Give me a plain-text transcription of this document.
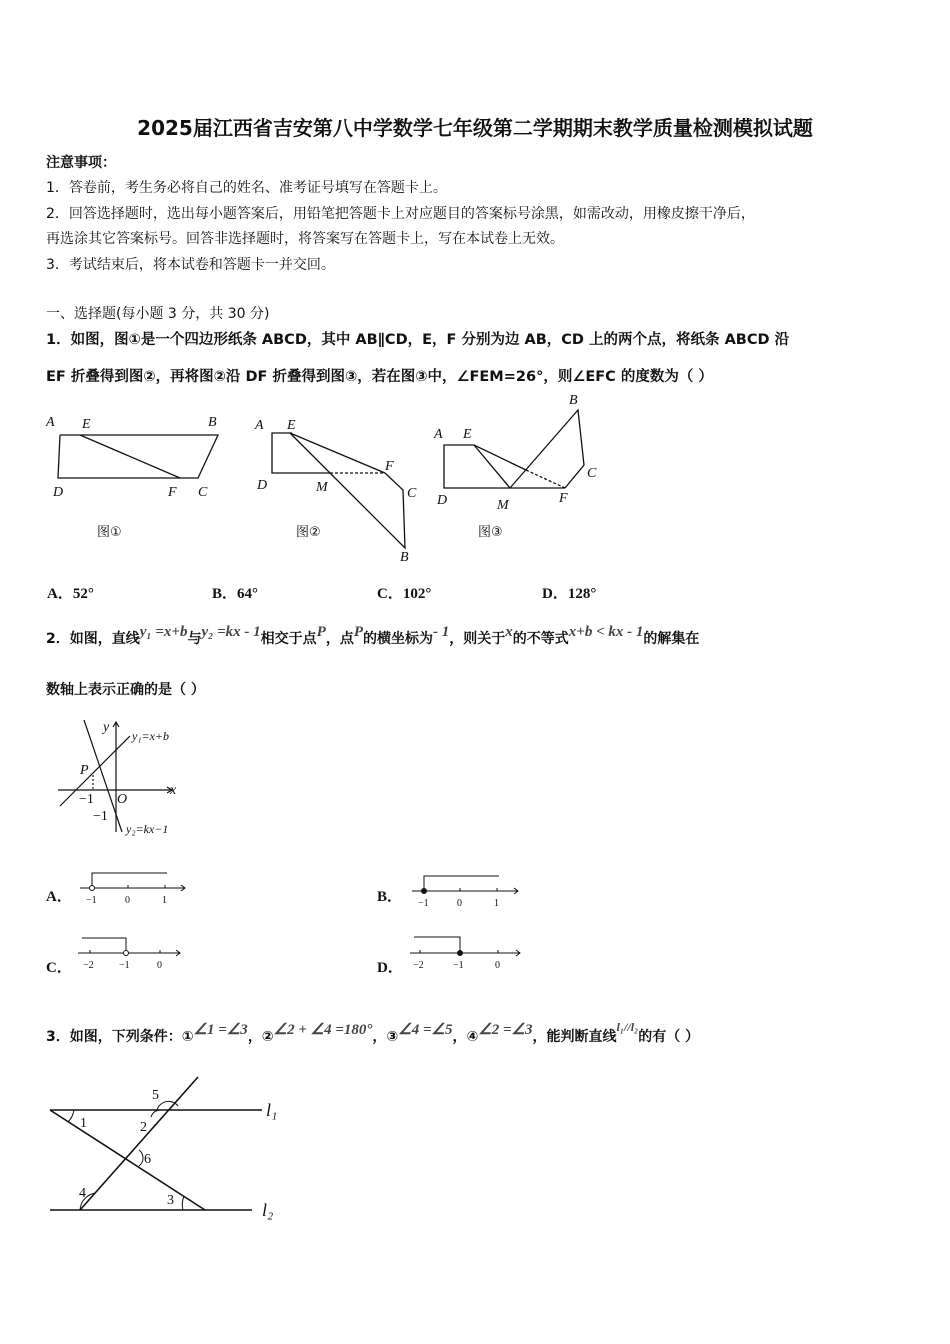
2025届江西省吉安第八中学数学七年级第二学期期末教学质量检测模拟试题
注意事项：
1．答卷前，考生务必将自己的姓名、准考证号填写在答题卡上。
2．回答选择题时，选出每小题答案后，用铅笔把答题卡上对应题目的答案标号涂黑，如需改动，用橡皮擦干净后，
再选涂其它答案标号。回答非选择题时，将答案写在答题卡上，写在本试卷上无效。
3．考试结束后，将本试卷和答题卡一并交回。
一、选择题(每小题 3 分，共 30 分)
1．如图，图①是一个四边形纸条 ABCD，其中 AB∥CD，E，F 分别为边 AB，CD 上的两个点，将纸条 ABCD 沿
EF 折叠得到图②，再将图②沿 DF 折叠得到图③，若在图③中，∠FEM=26°，则∠EFC 的度数为（ ）
A E	B
D	F C
图①
A E
D	M
F
C
B
图②
A E
D	M	F
C
B
图③
y
x
O
P
−1
−1
y₁=x+b
y₂=kx−1
−1	0	1	−1	0	1
−2	−1	0	−2	−1	0
1	2
3
4
5
6
l₁
l₂
A．52°	B．64°	C．102°	D．128°
2．如图，直线y₁ =x+b与y₂ =kx - 1相交于点P，点P的横坐标为- 1，则关于x的不等式x+b < kx - 1的解集在
数轴上表示正确的是（ ）
A．	B．
C．	D．
3．如图，下列条件：①∠1 =∠3，②∠2 + ∠4 =180°，③∠4 =∠5，④∠2 =∠3，能判断直线l₁//l₂的有（ ）
